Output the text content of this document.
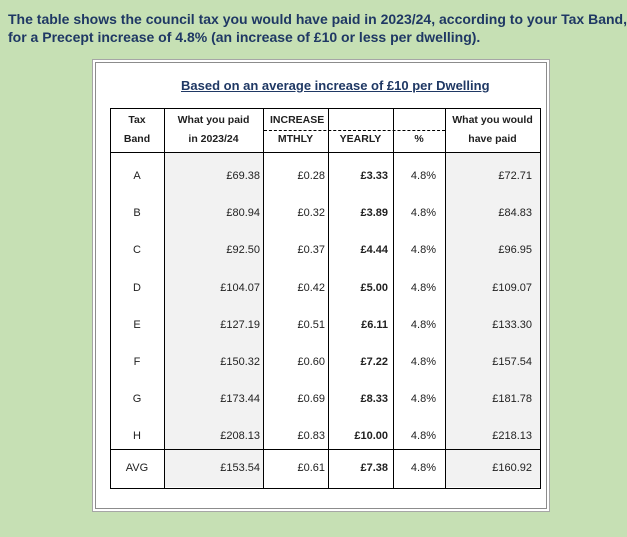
The table shows the council tax you would have paid in 2023/24, according to your Tax Band,
for a Precept increase of 4.8% (an increase of £10 or less per dwelling).
Based on an average increase of £10 per Dwelling
Tax
Band
What you paid
in 2023/24
INCREASE
MTHLY	YEARLY	%
What you would
have paid
A	£69.38	£0.28	£3.33 4.8%	£72.71
B	£80.94	£0.32	£3.89 4.8%	£84.83
C	£92.50	£0.37	£4.44 4.8%	£96.95
D	£104.07	£0.42	£5.00 4.8%	£109.07
E	£127.19	£0.51	£6.11 4.8%	£133.30
F	£150.32	£0.60	£7.22 4.8%	£157.54
G	£173.44	£0.69	£8.33 4.8%	£181.78
H	£208.13	£0.83	£10.00 4.8%	£218.13
AVG	£153.54	£0.61	£7.38 4.8%	£160.92
